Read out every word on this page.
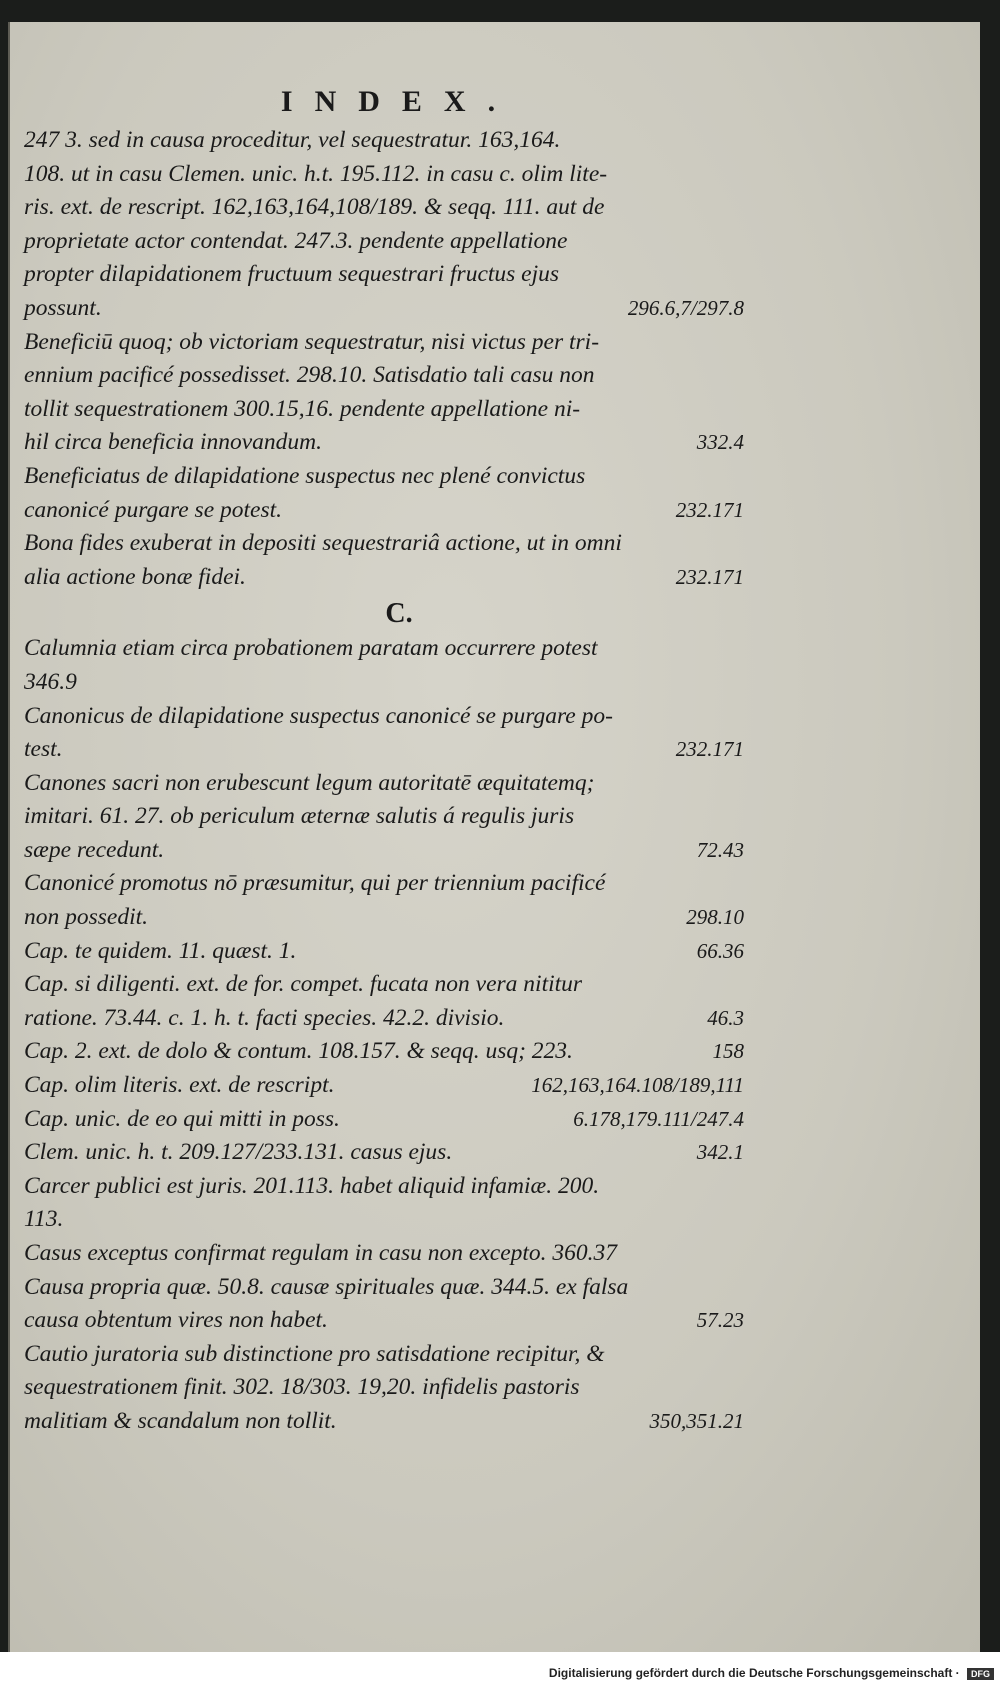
INDEX.

247 3. sed in causa proceditur, vel sequestratur. 163,164.

108. ut in casu Clemen. unic. h.t. 195.112. in casu c. olim lite-

ris. ext. de rescript. 162,163,164,108/189. & seqq. 111. aut de

proprietate actor contendat. 247.3. pendente appellatione

propter dilapidationem fructuum sequestrari fructus ejus

296.6,7/297.8
possunt.

Beneficiū quoq; ob victoriam sequestratur, nisi victus per tri-

ennium pacificé possedisset. 298.10. Satisdatio tali casu non

tollit sequestrationem 300.15,16. pendente appellatione ni-

332.4
hil circa beneficia innovandum.

Beneficiatus de dilapidatione suspectus nec plené convictus

232.171
canonicé purgare se potest.

Bona fides exuberat in depositi sequestrariâ actione, ut in omni

232.171
alia actione bonæ fidei.

C.

Calumnia etiam circa probationem paratam occurrere potest

346.9

Canonicus de dilapidatione suspectus canonicé se purgare po-

232.171
test.

Canones sacri non erubescunt legum autoritatē æquitatemq;

imitari. 61. 27. ob periculum æternæ salutis á regulis juris

72.43
sæpe recedunt.

Canonicé promotus nō præsumitur, qui per triennium pacificé

298.10
non possedit.

66.36
Cap. te quidem. 11. quæst. 1.

Cap. si diligenti. ext. de for. compet. fucata non vera nititur

46.3
ratione. 73.44. c. 1. h. t. facti species. 42.2. divisio.

158
Cap. 2. ext. de dolo & contum. 108.157. & seqq. usq; 223.

162,163,164.108/189,111
Cap. olim literis. ext. de rescript.

6.178,179.111/247.4
Cap. unic. de eo qui mitti in poss.

342.1
Clem. unic. h. t. 209.127/233.131. casus ejus.

Carcer publici est juris. 201.113. habet aliquid infamiæ. 200.

113.

Casus exceptus confirmat regulam in casu non excepto. 360.37

Causa propria quæ. 50.8. causæ spirituales quæ. 344.5. ex falsa

57.23
causa obtentum vires non habet.

Cautio juratoria sub distinctione pro satisdatione recipitur, &

sequestrationem finit. 302. 18/303. 19,20. infidelis pastoris

350,351.21
malitiam & scandalum non tollit.

Digitalisierung gefördert durch die Deutsche Forschungsgemeinschaft · DFG
